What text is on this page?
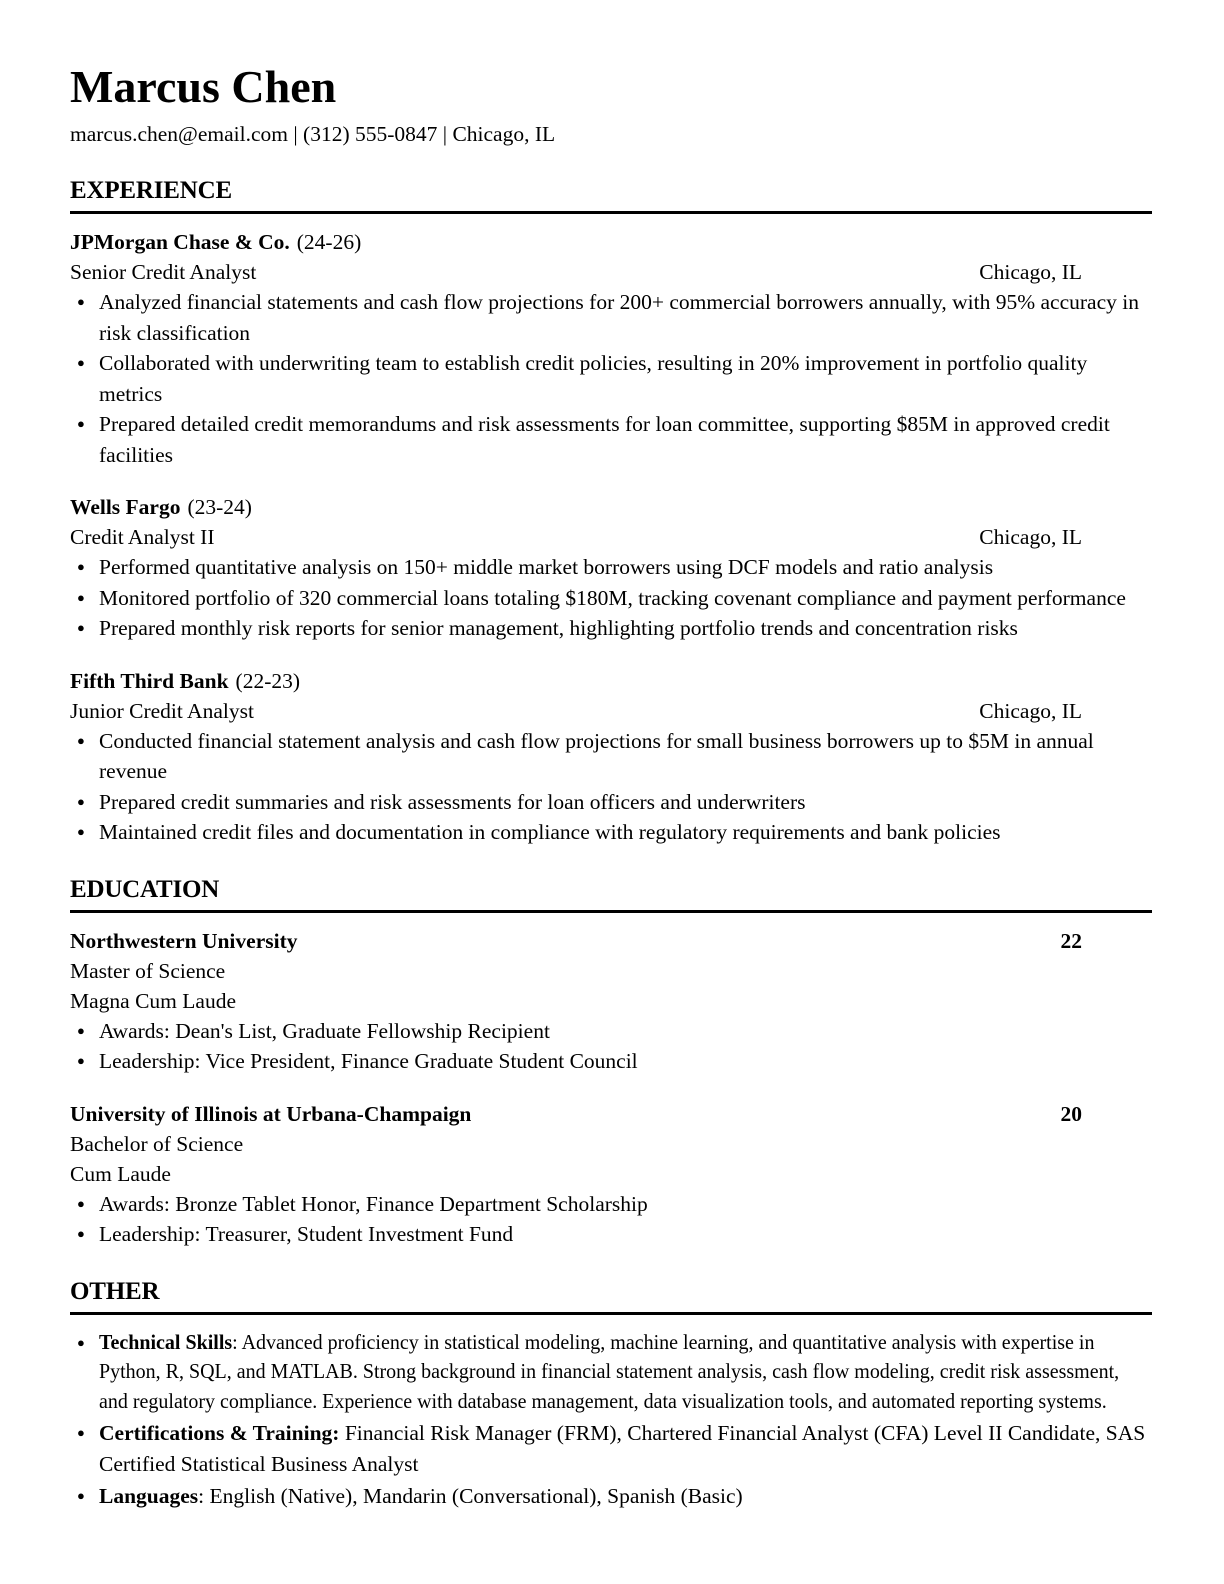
Marcus Chen
marcus.chen@email.com | (312) 555-0847 | Chicago, IL
EXPERIENCE
JPMorgan Chase & Co. (24-26)
Senior Credit Analyst	Chicago, IL
● Analyzed financial statements and cash flow projections for 200+ commercial borrowers annually, with 95% accuracy in risk classification
● Collaborated with underwriting team to establish credit policies, resulting in 20% improvement in portfolio quality metrics
● Prepared detailed credit memorandums and risk assessments for loan committee, supporting $85M in approved credit facilities
Wells Fargo (23-24)
Credit Analyst II	Chicago, IL
● Performed quantitative analysis on 150+ middle market borrowers using DCF models and ratio analysis
● Monitored portfolio of 320 commercial loans totaling $180M, tracking covenant compliance and payment performance
● Prepared monthly risk reports for senior management, highlighting portfolio trends and concentration risks
Fifth Third Bank (22-23)
Junior Credit Analyst	Chicago, IL
● Conducted financial statement analysis and cash flow projections for small business borrowers up to $5M in annual revenue
● Prepared credit summaries and risk assessments for loan officers and underwriters
● Maintained credit files and documentation in compliance with regulatory requirements and bank policies
EDUCATION
Northwestern University	22
Master of Science
Magna Cum Laude
● Awards: Dean's List, Graduate Fellowship Recipient
● Leadership: Vice President, Finance Graduate Student Council
University of Illinois at Urbana-Champaign	20
Bachelor of Science
Cum Laude
● Awards: Bronze Tablet Honor, Finance Department Scholarship
● Leadership: Treasurer, Student Investment Fund
OTHER
● Technical Skills: Advanced proficiency in statistical modeling, machine learning, and quantitative analysis with expertise in Python, R, SQL, and MATLAB. Strong background in financial statement analysis, cash flow modeling, credit risk assessment, and regulatory compliance. Experience with database management, data visualization tools, and automated reporting systems.
● Certifications & Training: Financial Risk Manager (FRM), Chartered Financial Analyst (CFA) Level II Candidate, SAS Certified Statistical Business Analyst
● Languages: English (Native), Mandarin (Conversational), Spanish (Basic)
